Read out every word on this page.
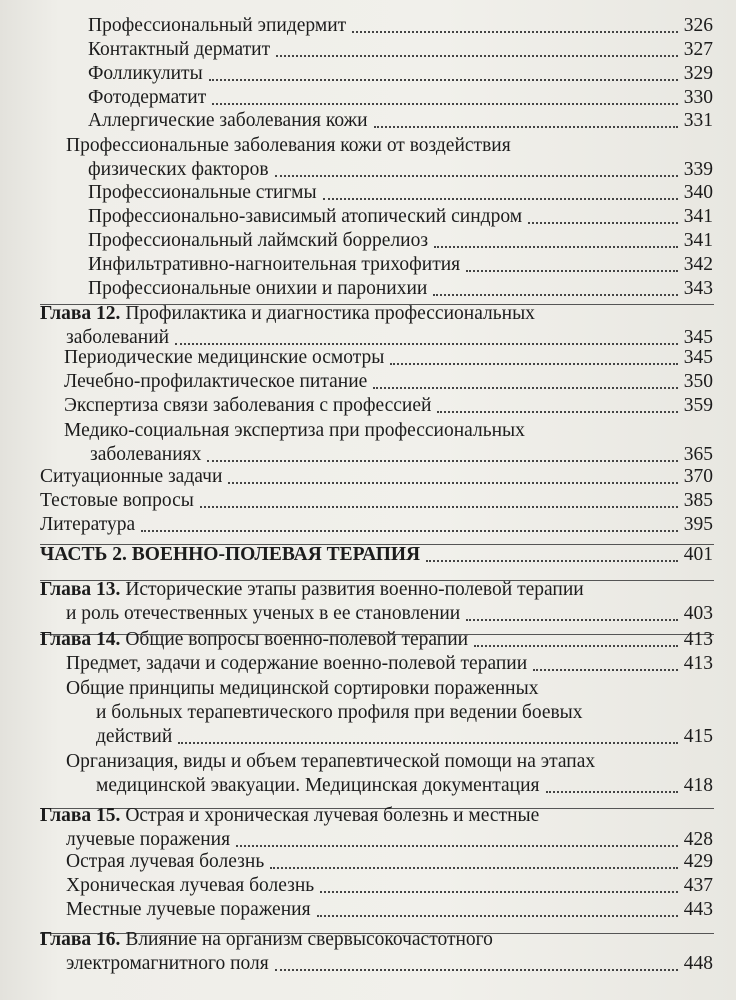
Профессиональный эпидермит	326
Контактный дерматит	327
Фолликулиты	329
Фотодерматит	330
Аллергические заболевания кожи	331
Профессиональные заболевания кожи от воздействия
физических факторов	339
Профессиональные стигмы	340
Профессионально-зависимый атопический синдром	341
Профессиональный лаймский боррелиоз	341
Инфильтративно-нагноительная трихофития	342
Профессиональные онихии и паронихии	343
Глава 12. Профилактика и диагностика профессиональных
заболеваний	345
Периодические медицинские осмотры	345
Лечебно-профилактическое питание	350
Экспертиза связи заболевания с профессией	359
Медико-социальная экспертиза при профессиональных
заболеваниях	365
Ситуационные задачи	370
Тестовые вопросы	385
Литература	395
ЧАСТЬ 2. ВОЕННО-ПОЛЕВАЯ ТЕРАПИЯ	401
Глава 13. Исторические этапы развития военно-полевой терапии
и роль отечественных ученых в ее становлении	403
Глава 14. Общие вопросы военно-полевой терапии	413
Предмет, задачи и содержание военно-полевой терапии	413
Общие принципы медицинской сортировки пораженных
и больных терапевтического профиля при ведении боевых
действий	415
Организация, виды и объем терапевтической помощи на этапах
медицинской эвакуации. Медицинская документация	418
Глава 15. Острая и хроническая лучевая болезнь и местные
лучевые поражения	428
Острая лучевая болезнь	429
Хроническая лучевая болезнь	437
Местные лучевые поражения	443
Глава 16. Влияние на организм свервысокочастотного
электромагнитного поля	448
